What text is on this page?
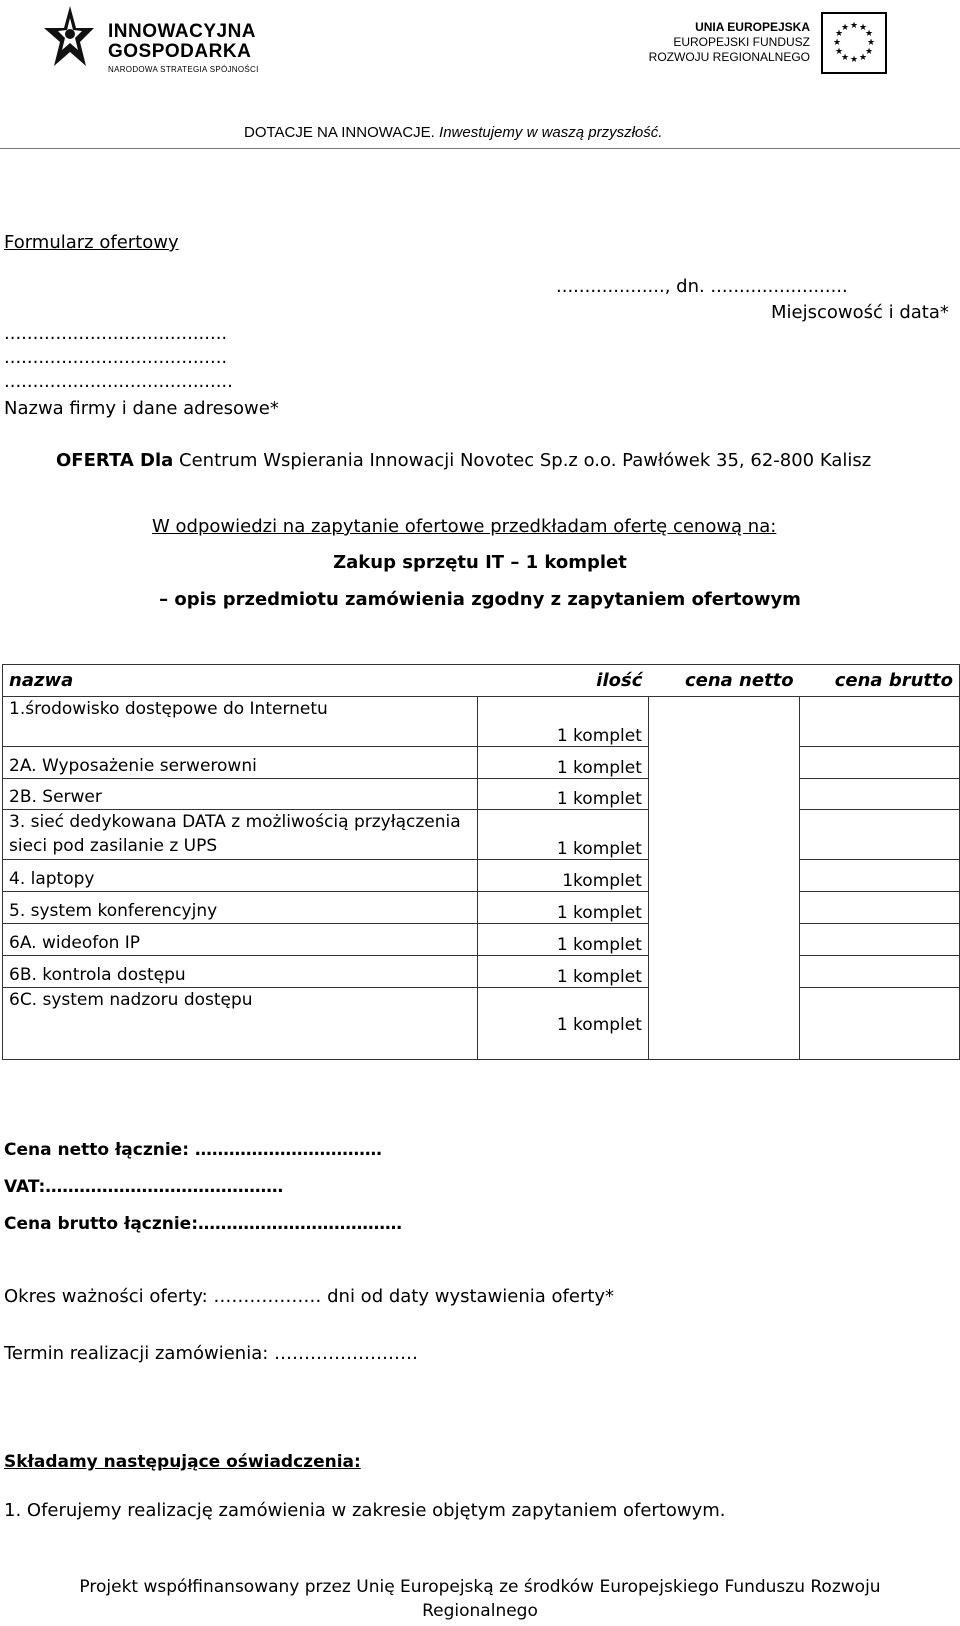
INNOWACYJNA
GOSPODARKA
NARODOWA STRATEGIA SPÓJNOŚCI
UNIA EUROPEJSKA
EUROPEJSKI FUNDUSZ
ROZWOJU REGIONALNEGO
★ ★
★
★
★
★
★
★
★
★
★
★
DOTACJE NA INNOWACJE. Inwestujemy w waszą przyszłość.
Formularz ofertowy
..................., dn. ........................
Miejscowość i data*
.......................................
.......................................
........................................
Nazwa firmy i dane adresowe*
OFERTA Dla Centrum Wspierania Innowacji Novotec Sp.z o.o. Pawłówek 35, 62-800 Kalisz
W odpowiedzi na zapytanie ofertowe przedkładam ofertę cenową na:
Zakup sprzętu IT – 1 komplet
– opis przedmiotu zamówienia zgodny z zapytaniem ofertowym
nazwa	ilość	cena netto	cena brutto
1.środowisko dostępowe do Internetu	1 komplet		
2A. Wyposażenie serwerowni	1 komplet		
2B. Serwer	1 komplet		
3. sieć dedykowana DATA z możliwością przyłączenia sieci pod zasilanie z UPS	1 komplet		
4. laptopy	1komplet		
5. system konferencyjny	1 komplet		
6A. wideofon IP	1 komplet		
6B. kontrola dostępu	1 komplet		
6C. system nadzoru dostępu	1 komplet		
Cena netto łącznie: ……………………………
VAT:……………………………………
Cena brutto łącznie:………………………………
Okres ważności oferty: ……………… dni od daty wystawienia oferty*
Termin realizacji zamówienia: ……………………
Składamy następujące oświadczenia:
1. Oferujemy realizację zamówienia w zakresie objętym zapytaniem ofertowym.
Projekt współfinansowany przez Unię Europejską ze środków Europejskiego Funduszu Rozwoju
Regionalnego
